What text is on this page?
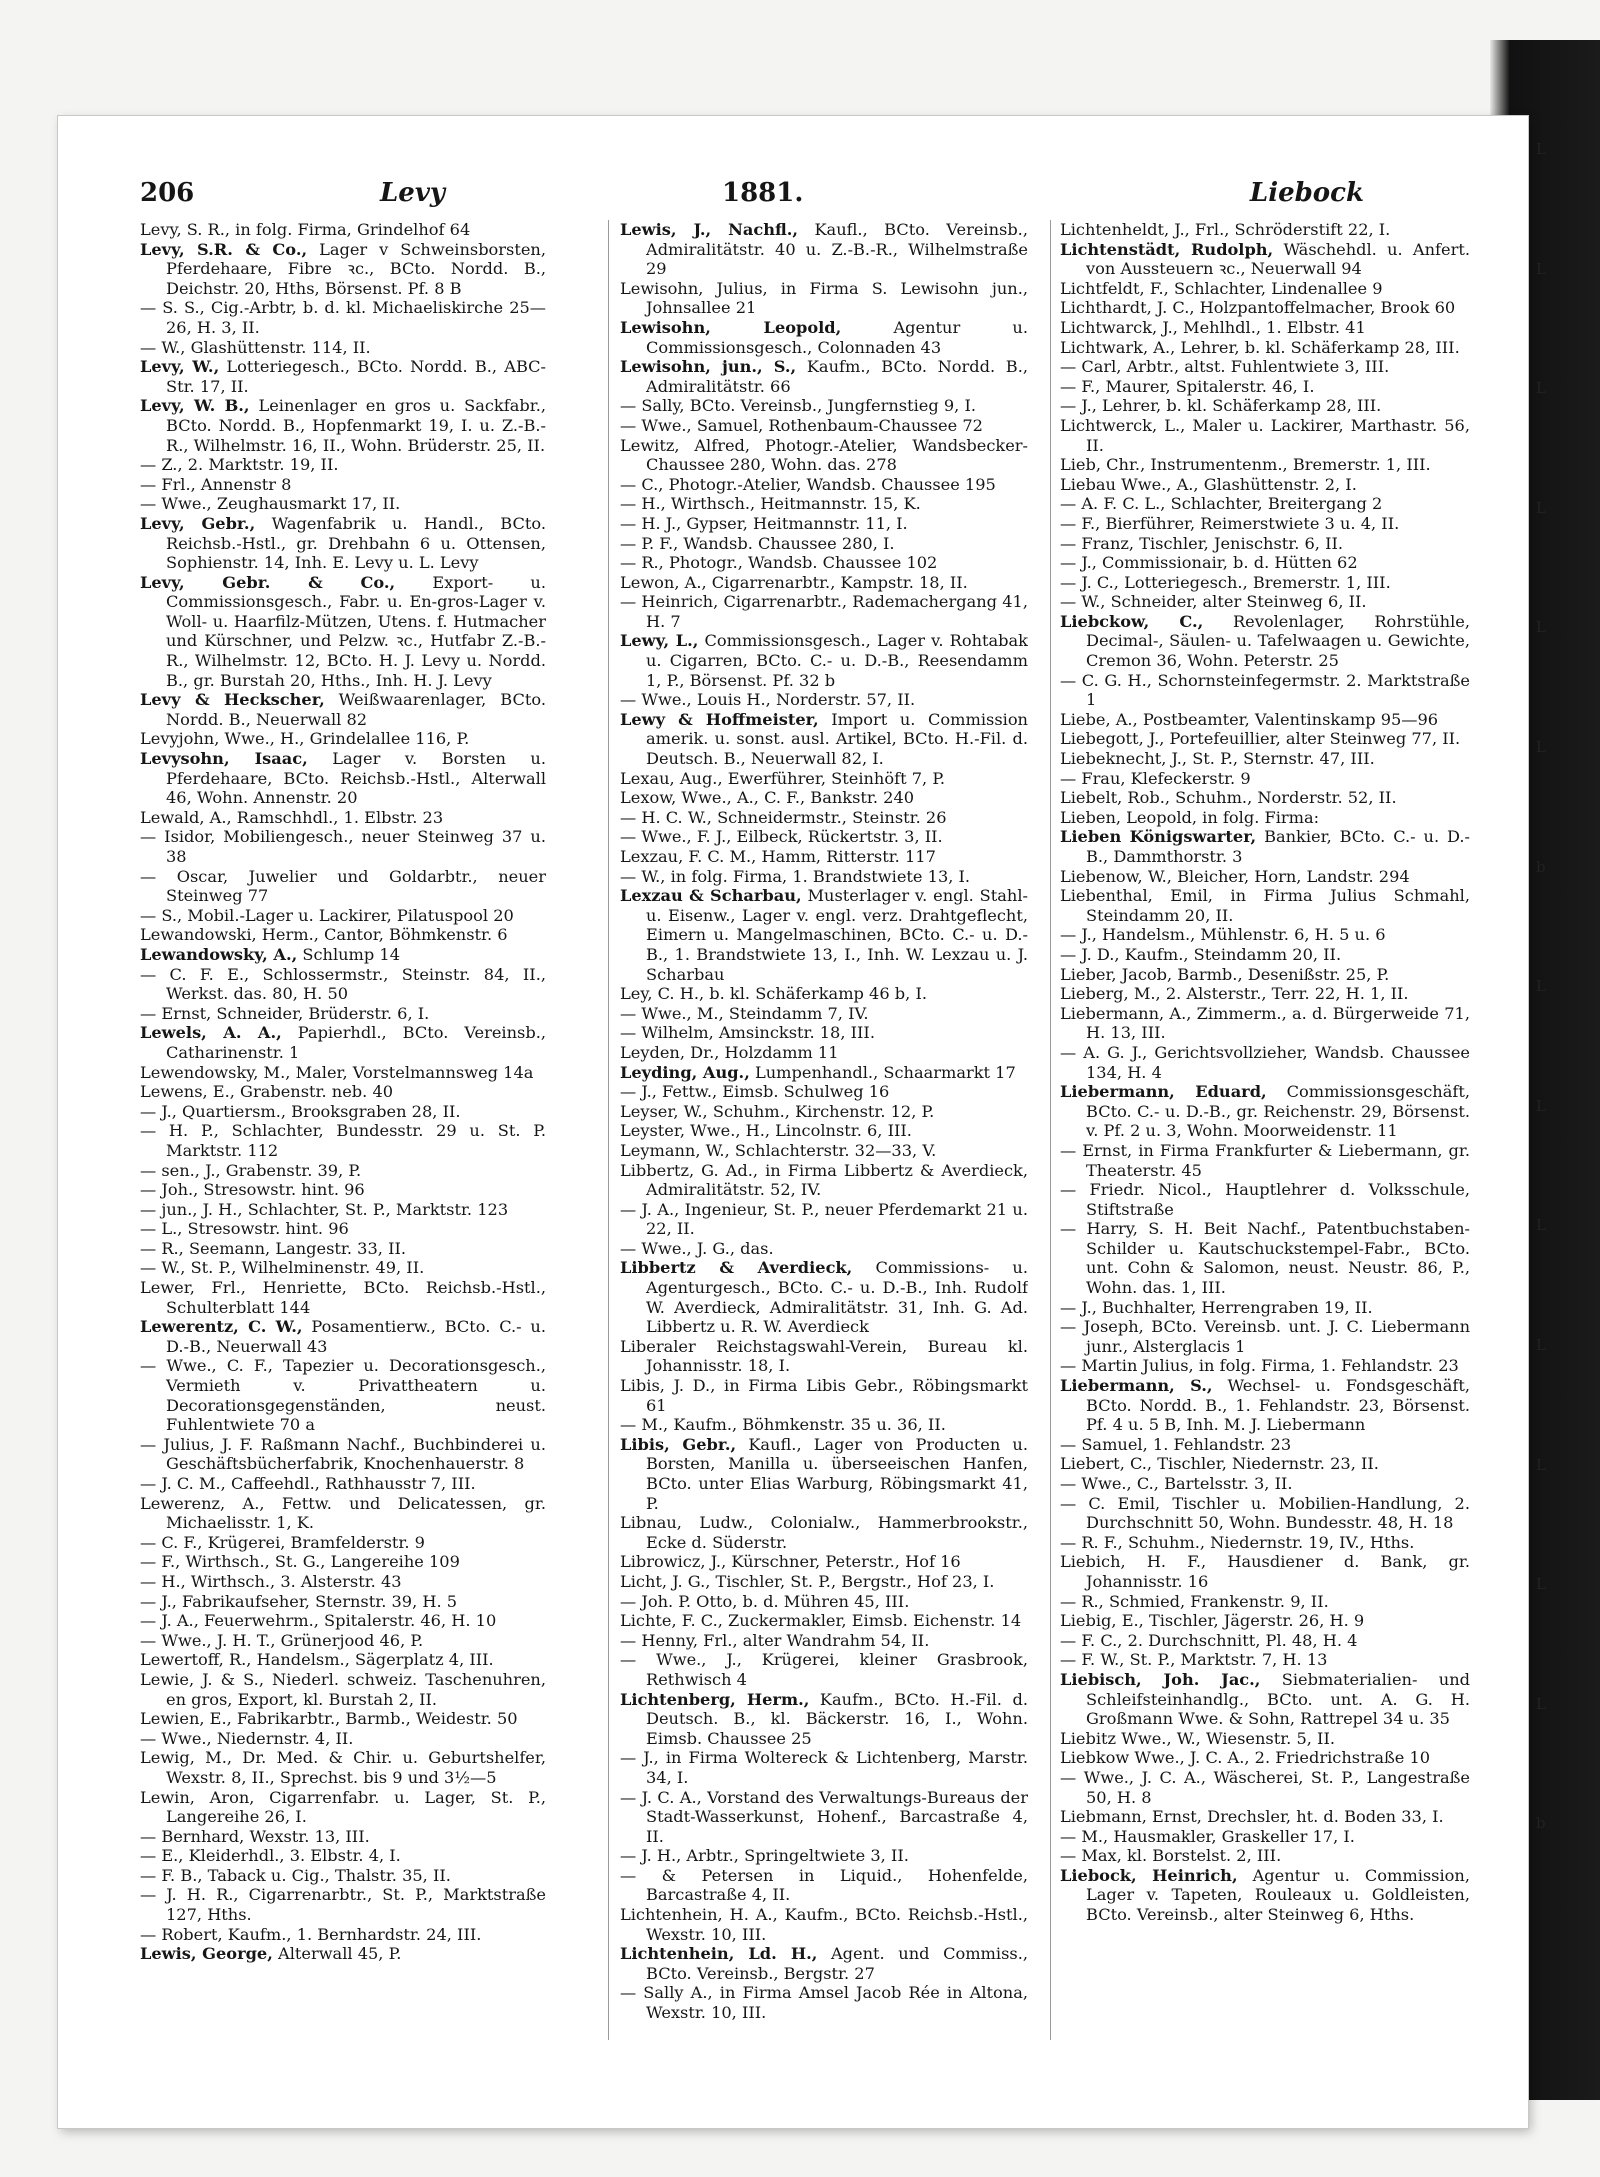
206	Levy	1881.	Liebock

Levy, S. R., in folg. Firma, Grindelhof 64

Levy, S.R. & Co., Lager v Schweinsborsten, Pferdehaare, Fibre ꝛc., BCto. Nordd. B., Deichstr. 20, Hths, Börsenst. Pf. 8 B

— S. S., Cig.-Arbtr, b. d. kl. Michaeliskirche 25—26, H. 3, II.

— W., Glashüttenstr. 114, II.

Levy, W., Lotteriegesch., BCto. Nordd. B., ABC-Str. 17, II.

Levy, W. B., Leinenlager en gros u. Sackfabr., BCto. Nordd. B., Hopfenmarkt 19, I. u. Z.-B.-R., Wilhelmstr. 16, II., Wohn. Brüderstr. 25, II.

— Z., 2. Marktstr. 19, II.

— Frl., Annenstr 8

— Wwe., Zeughausmarkt 17, II.

Levy, Gebr., Wagenfabrik u. Handl., BCto. Reichsb.-Hstl., gr. Drehbahn 6 u. Ottensen, Sophienstr. 14, Inh. E. Levy u. L. Levy

Levy, Gebr. & Co., Export- u. Commissionsgesch., Fabr. u. En-gros-Lager v. Woll- u. Haarfilz-Mützen, Utens. f. Hutmacher und Kürschner, und Pelzw. ꝛc., Hutfabr Z.-B.-R., Wilhelmstr. 12, BCto. H. J. Levy u. Nordd. B., gr. Burstah 20, Hths., Inh. H. J. Levy

Levy & Heckscher, Weißwaarenlager, BCto. Nordd. B., Neuerwall 82

Levyjohn, Wwe., H., Grindelallee 116, P.

Levysohn, Isaac, Lager v. Borsten u. Pferdehaare, BCto. Reichsb.-Hstl., Alterwall 46, Wohn. Annenstr. 20

Lewald, A., Ramschhdl., 1. Elbstr. 23

— Isidor, Mobiliengesch., neuer Steinweg 37 u. 38

— Oscar, Juwelier und Goldarbtr., neuer Steinweg 77

— S., Mobil.-Lager u. Lackirer, Pilatuspool 20

Lewandowski, Herm., Cantor, Böhmkenstr. 6

Lewandowsky, A., Schlump 14

— C. F. E., Schlossermstr., Steinstr. 84, II., Werkst. das. 80, H. 50

— Ernst, Schneider, Brüderstr. 6, I.

Lewels, A. A., Papierhdl., BCto. Vereinsb., Catharinenstr. 1

Lewendowsky, M., Maler, Vorstelmannsweg 14a

Lewens, E., Grabenstr. neb. 40

— J., Quartiersm., Brooksgraben 28, II.

— H. P., Schlachter, Bundesstr. 29 u. St. P. Marktstr. 112

— sen., J., Grabenstr. 39, P.

— Joh., Stresowstr. hint. 96

— jun., J. H., Schlachter, St. P., Marktstr. 123

— L., Stresowstr. hint. 96

— R., Seemann, Langestr. 33, II.

— W., St. P., Wilhelminenstr. 49, II.

Lewer, Frl., Henriette, BCto. Reichsb.-Hstl., Schulterblatt 144

Lewerentz, C. W., Posamentierw., BCto. C.- u. D.-B., Neuerwall 43

— Wwe., C. F., Tapezier u. Decorationsgesch., Vermieth v. Privattheatern u. Decorationsgegenständen, neust. Fuhlentwiete 70 a

— Julius, J. F. Raßmann Nachf., Buchbinderei u. Geschäftsbücherfabrik, Knochenhauerstr. 8

— J. C. M., Caffeehdl., Rathhausstr 7, III.

Lewerenz, A., Fettw. und Delicatessen, gr. Michaelisstr. 1, K.

— C. F., Krügerei, Bramfelderstr. 9

— F., Wirthsch., St. G., Langereihe 109

— H., Wirthsch., 3. Alsterstr. 43

— J., Fabrikaufseher, Sternstr. 39, H. 5

— J. A., Feuerwehrm., Spitalerstr. 46, H. 10

— Wwe., J. H. T., Grünerjood 46, P.

Lewertoff, R., Handelsm., Sägerplatz 4, III.

Lewie, J. & S., Niederl. schweiz. Taschenuhren, en gros, Export, kl. Burstah 2, II.

Lewien, E., Fabrikarbtr., Barmb., Weidestr. 50

— Wwe., Niedernstr. 4, II.

Lewig, M., Dr. Med. & Chir. u. Geburtshelfer, Wexstr. 8, II., Sprechst. bis 9 und 3½—5

Lewin, Aron, Cigarrenfabr. u. Lager, St. P., Langereihe 26, I.

— Bernhard, Wexstr. 13, III.

— E., Kleiderhdl., 3. Elbstr. 4, I.

— F. B., Taback u. Cig., Thalstr. 35, II.

— J. H. R., Cigarrenarbtr., St. P., Marktstraße 127, Hths.

— Robert, Kaufm., 1. Bernhardstr. 24, III.

Lewis, George, Alterwall 45, P.

Lewis, J., Nachfl., Kaufl., BCto. Vereinsb., Admiralitätstr. 40 u. Z.-B.-R., Wilhelmstraße 29

Lewisohn, Julius, in Firma S. Lewisohn jun., Johnsallee 21

Lewisohn, Leopold, Agentur u. Commissionsgesch., Colonnaden 43

Lewisohn, jun., S., Kaufm., BCto. Nordd. B., Admiralitätstr. 66

— Sally, BCto. Vereinsb., Jungfernstieg 9, I.

— Wwe., Samuel, Rothenbaum-Chaussee 72

Lewitz, Alfred, Photogr.-Atelier, Wandsbecker-Chaussee 280, Wohn. das. 278

— C., Photogr.-Atelier, Wandsb. Chaussee 195

— H., Wirthsch., Heitmannstr. 15, K.

— H. J., Gypser, Heitmannstr. 11, I.

— P. F., Wandsb. Chaussee 280, I.

— R., Photogr., Wandsb. Chaussee 102

Lewon, A., Cigarrenarbtr., Kampstr. 18, II.

— Heinrich, Cigarrenarbtr., Rademachergang 41, H. 7

Lewy, L., Commissionsgesch., Lager v. Rohtabak u. Cigarren, BCto. C.- u. D.-B., Reesendamm 1, P., Börsenst. Pf. 32 b

— Wwe., Louis H., Norderstr. 57, II.

Lewy & Hoffmeister, Import u. Commission amerik. u. sonst. ausl. Artikel, BCto. H.-Fil. d. Deutsch. B., Neuerwall 82, I.

Lexau, Aug., Ewerführer, Steinhöft 7, P.

Lexow, Wwe., A., C. F., Bankstr. 240

— H. C. W., Schneidermstr., Steinstr. 26

— Wwe., F. J., Eilbeck, Rückertstr. 3, II.

Lexzau, F. C. M., Hamm, Ritterstr. 117

— W., in folg. Firma, 1. Brandstwiete 13, I.

Lexzau & Scharbau, Musterlager v. engl. Stahl- u. Eisenw., Lager v. engl. verz. Drahtgeflecht, Eimern u. Mangelmaschinen, BCto. C.- u. D.-B., 1. Brandstwiete 13, I., Inh. W. Lexzau u. J. Scharbau

Ley, C. H., b. kl. Schäferkamp 46 b, I.

— Wwe., M., Steindamm 7, IV.

— Wilhelm, Amsinckstr. 18, III.

Leyden, Dr., Holzdamm 11

Leyding, Aug., Lumpenhandl., Schaarmarkt 17

— J., Fettw., Eimsb. Schulweg 16

Leyser, W., Schuhm., Kirchenstr. 12, P.

Leyster, Wwe., H., Lincolnstr. 6, III.

Leymann, W., Schlachterstr. 32—33, V.

Libbertz, G. Ad., in Firma Libbertz & Averdieck, Admiralitätstr. 52, IV.

— J. A., Ingenieur, St. P., neuer Pferdemarkt 21 u. 22, II.

— Wwe., J. G., das.

Libbertz & Averdieck, Commissions- u. Agenturgesch., BCto. C.- u. D.-B., Inh. Rudolf W. Averdieck, Admiralitätstr. 31, Inh. G. Ad. Libbertz u. R. W. Averdieck

Liberaler Reichstagswahl-Verein, Bureau kl. Johannisstr. 18, I.

Libis, J. D., in Firma Libis Gebr., Röbingsmarkt 61

— M., Kaufm., Böhmkenstr. 35 u. 36, II.

Libis, Gebr., Kaufl., Lager von Producten u. Borsten, Manilla u. überseeischen Hanfen, BCto. unter Elias Warburg, Röbingsmarkt 41, P.

Libnau, Ludw., Colonialw., Hammerbrookstr., Ecke d. Süderstr.

Librowicz, J., Kürschner, Peterstr., Hof 16

Licht, J. G., Tischler, St. P., Bergstr., Hof 23, I.

— Joh. P. Otto, b. d. Mühren 45, III.

Lichte, F. C., Zuckermakler, Eimsb. Eichenstr. 14

— Henny, Frl., alter Wandrahm 54, II.

— Wwe., J., Krügerei, kleiner Grasbrook, Rethwisch 4

Lichtenberg, Herm., Kaufm., BCto. H.-Fil. d. Deutsch. B., kl. Bäckerstr. 16, I., Wohn. Eimsb. Chaussee 25

— J., in Firma Woltereck & Lichtenberg, Marstr. 34, I.

— J. C. A., Vorstand des Verwaltungs-Bureaus der Stadt-Wasserkunst, Hohenf., Barcastraße 4, II.

— J. H., Arbtr., Springeltwiete 3, II.

— & Petersen in Liquid., Hohenfelde, Barcastraße 4, II.

Lichtenhein, H. A., Kaufm., BCto. Reichsb.-Hstl., Wexstr. 10, III.

Lichtenhein, Ld. H., Agent. und Commiss., BCto. Vereinsb., Bergstr. 27

— Sally A., in Firma Amsel Jacob Rée in Altona, Wexstr. 10, III.

Lichtenheldt, J., Frl., Schröderstift 22, I.

Lichtenstädt, Rudolph, Wäschehdl. u. Anfert. von Aussteuern ꝛc., Neuerwall 94

Lichtfeldt, F., Schlachter, Lindenallee 9

Lichthardt, J. C., Holzpantoffelmacher, Brook 60

Lichtwarck, J., Mehlhdl., 1. Elbstr. 41

Lichtwark, A., Lehrer, b. kl. Schäferkamp 28, III.

— Carl, Arbtr., altst. Fuhlentwiete 3, III.

— F., Maurer, Spitalerstr. 46, I.

— J., Lehrer, b. kl. Schäferkamp 28, III.

Lichtwerck, L., Maler u. Lackirer, Marthastr. 56, II.

Lieb, Chr., Instrumentenm., Bremerstr. 1, III.

Liebau Wwe., A., Glashüttenstr. 2, I.

— A. F. C. L., Schlachter, Breitergang 2

— F., Bierführer, Reimerstwiete 3 u. 4, II.

— Franz, Tischler, Jenischstr. 6, II.

— J., Commissionair, b. d. Hütten 62

— J. C., Lotteriegesch., Bremerstr. 1, III.

— W., Schneider, alter Steinweg 6, II.

Liebckow, C., Revolenlager, Rohrstühle, Decimal-, Säulen- u. Tafelwaagen u. Gewichte, Cremon 36, Wohn. Peterstr. 25

— C. G. H., Schornsteinfegermstr. 2. Marktstraße 1

Liebe, A., Postbeamter, Valentinskamp 95—96

Liebegott, J., Portefeuillier, alter Steinweg 77, II.

Liebeknecht, J., St. P., Sternstr. 47, III.

— Frau, Klefeckerstr. 9

Liebelt, Rob., Schuhm., Norderstr. 52, II.

Lieben, Leopold, in folg. Firma:

Lieben Königswarter, Bankier, BCto. C.- u. D.-B., Dammthorstr. 3

Liebenow, W., Bleicher, Horn, Landstr. 294

Liebenthal, Emil, in Firma Julius Schmahl, Steindamm 20, II.

— J., Handelsm., Mühlenstr. 6, H. 5 u. 6

— J. D., Kaufm., Steindamm 20, II.

Lieber, Jacob, Barmb., Desenißstr. 25, P.

Lieberg, M., 2. Alsterstr., Terr. 22, H. 1, II.

Liebermann, A., Zimmerm., a. d. Bürgerweide 71, H. 13, III.

— A. G. J., Gerichtsvollzieher, Wandsb. Chaussee 134, H. 4

Liebermann, Eduard, Commissionsgeschäft, BCto. C.- u. D.-B., gr. Reichenstr. 29, Börsenst. v. Pf. 2 u. 3, Wohn. Moorweidenstr. 11

— Ernst, in Firma Frankfurter & Liebermann, gr. Theaterstr. 45

— Friedr. Nicol., Hauptlehrer d. Volksschule, Stiftstraße

— Harry, S. H. Beit Nachf., Patentbuchstaben-Schilder u. Kautschuckstempel-Fabr., BCto. unt. Cohn & Salomon, neust. Neustr. 86, P., Wohn. das. 1, III.

— J., Buchhalter, Herrengraben 19, II.

— Joseph, BCto. Vereinsb. unt. J. C. Liebermann junr., Alsterglacis 1

— Martin Julius, in folg. Firma, 1. Fehlandstr. 23

Liebermann, S., Wechsel- u. Fondsgeschäft, BCto. Nordd. B., 1. Fehlandstr. 23, Börsenst. Pf. 4 u. 5 B, Inh. M. J. Liebermann

— Samuel, 1. Fehlandstr. 23

Liebert, C., Tischler, Niedernstr. 23, II.

— Wwe., C., Bartelsstr. 3, II.

— C. Emil, Tischler u. Mobilien-Handlung, 2. Durchschnitt 50, Wohn. Bundesstr. 48, H. 18

— R. F., Schuhm., Niedernstr. 19, IV., Hths.

Liebich, H. F., Hausdiener d. Bank, gr. Johannisstr. 16

— R., Schmied, Frankenstr. 9, II.

Liebig, E., Tischler, Jägerstr. 26, H. 9

— F. C., 2. Durchschnitt, Pl. 48, H. 4

— F. W., St. P., Marktstr. 7, H. 13

Liebisch, Joh. Jac., Siebmaterialien- und Schleifsteinhandlg., BCto. unt. A. G. H. Großmann Wwe. & Sohn, Rattrepel 34 u. 35

Liebitz Wwe., W., Wiesenstr. 5, II.

Liebkow Wwe., J. C. A., 2. Friedrichstraße 10

— Wwe., J. C. A., Wäscherei, St. P., Langestraße 50, H. 8

Liebmann, Ernst, Drechsler, ht. d. Boden 33, I.

— M., Hausmakler, Graskeller 17, I.

— Max, kl. Borstelst. 2, III.

Liebock, Heinrich, Agentur u. Commission, Lager v. Tapeten, Rouleaux u. Goldleisten, BCto. Vereinsb., alter Steinweg 6, Hths.

L
L
L
L
L
L
b
L
L
L
L
L
L
L
b
